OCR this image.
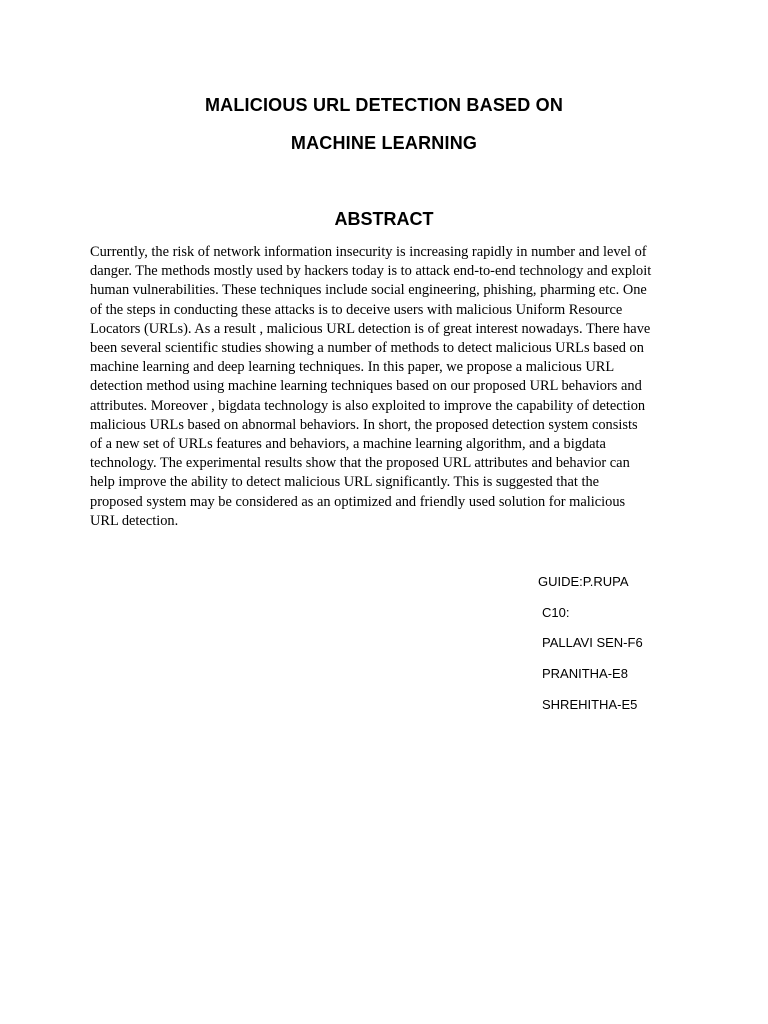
MALICIOUS URL DETECTION BASED ON
MACHINE LEARNING
ABSTRACT

Currently, the risk of network information insecurity is increasing rapidly in number and level of
danger. The methods mostly used by hackers today is to attack end-to-end technology and exploit
human vulnerabilities. These techniques include social engineering, phishing, pharming etc. One
of the steps in conducting these attacks is to deceive users with malicious Uniform Resource
Locators (URLs). As a result , malicious URL detection is of great interest nowadays. There have
been several scientific studies showing a number of methods to detect malicious URLs based on
machine learning and deep learning techniques. In this paper, we propose a malicious URL
detection method using machine learning techniques based on our proposed URL behaviors and
attributes. Moreover , bigdata technology is also exploited to improve the capability of detection
malicious URLs based on abnormal behaviors. In short, the proposed detection system consists
of a new set of URLs features and behaviors, a machine learning algorithm, and a bigdata
technology. The experimental results show that the proposed URL attributes and behavior can
help improve the ability to detect malicious URL significantly. This is suggested that the
proposed system may be considered as an optimized and friendly used solution for malicious
URL detection.

GUIDE:P.RUPA
C10:
PALLAVI SEN-F6
PRANITHA-E8
SHREHITHA-E5
